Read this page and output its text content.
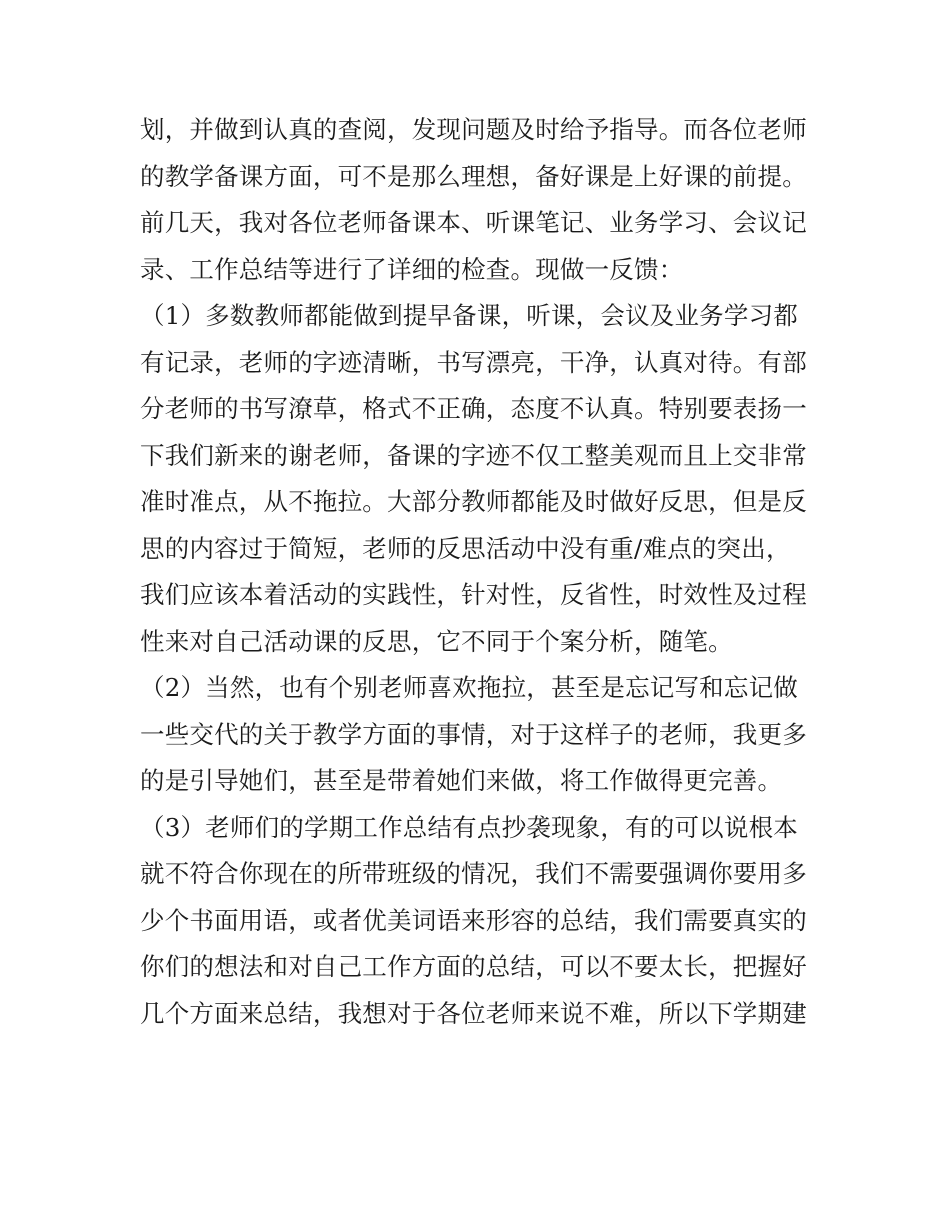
划，并做到认真的查阅，发现问题及时给予指导。而各位老师
的教学备课方面，可不是那么理想，备好课是上好课的前提。
前几天，我对各位老师备课本、听课笔记、业务学习、会议记
录、工作总结等进行了详细的检查。现做一反馈：
（1）多数教师都能做到提早备课，听课，会议及业务学习都
有记录，老师的字迹清晰，书写漂亮，干净，认真对待。有部
分老师的书写潦草，格式不正确，态度不认真。特别要表扬一
下我们新来的谢老师，备课的字迹不仅工整美观而且上交非常
准时准点，从不拖拉。大部分教师都能及时做好反思，但是反
思的内容过于简短，老师的反思活动中没有重/难点的突出，
我们应该本着活动的实践性，针对性，反省性，时效性及过程
性来对自己活动课的反思，它不同于个案分析，随笔。
（2）当然，也有个别老师喜欢拖拉，甚至是忘记写和忘记做
一些交代的关于教学方面的事情，对于这样子的老师，我更多
的是引导她们，甚至是带着她们来做，将工作做得更完善。
（3）老师们的学期工作总结有点抄袭现象，有的可以说根本
就不符合你现在的所带班级的情况，我们不需要强调你要用多
少个书面用语，或者优美词语来形容的总结，我们需要真实的
你们的想法和对自己工作方面的总结，可以不要太长，把握好
几个方面来总结，我想对于各位老师来说不难，所以下学期建
